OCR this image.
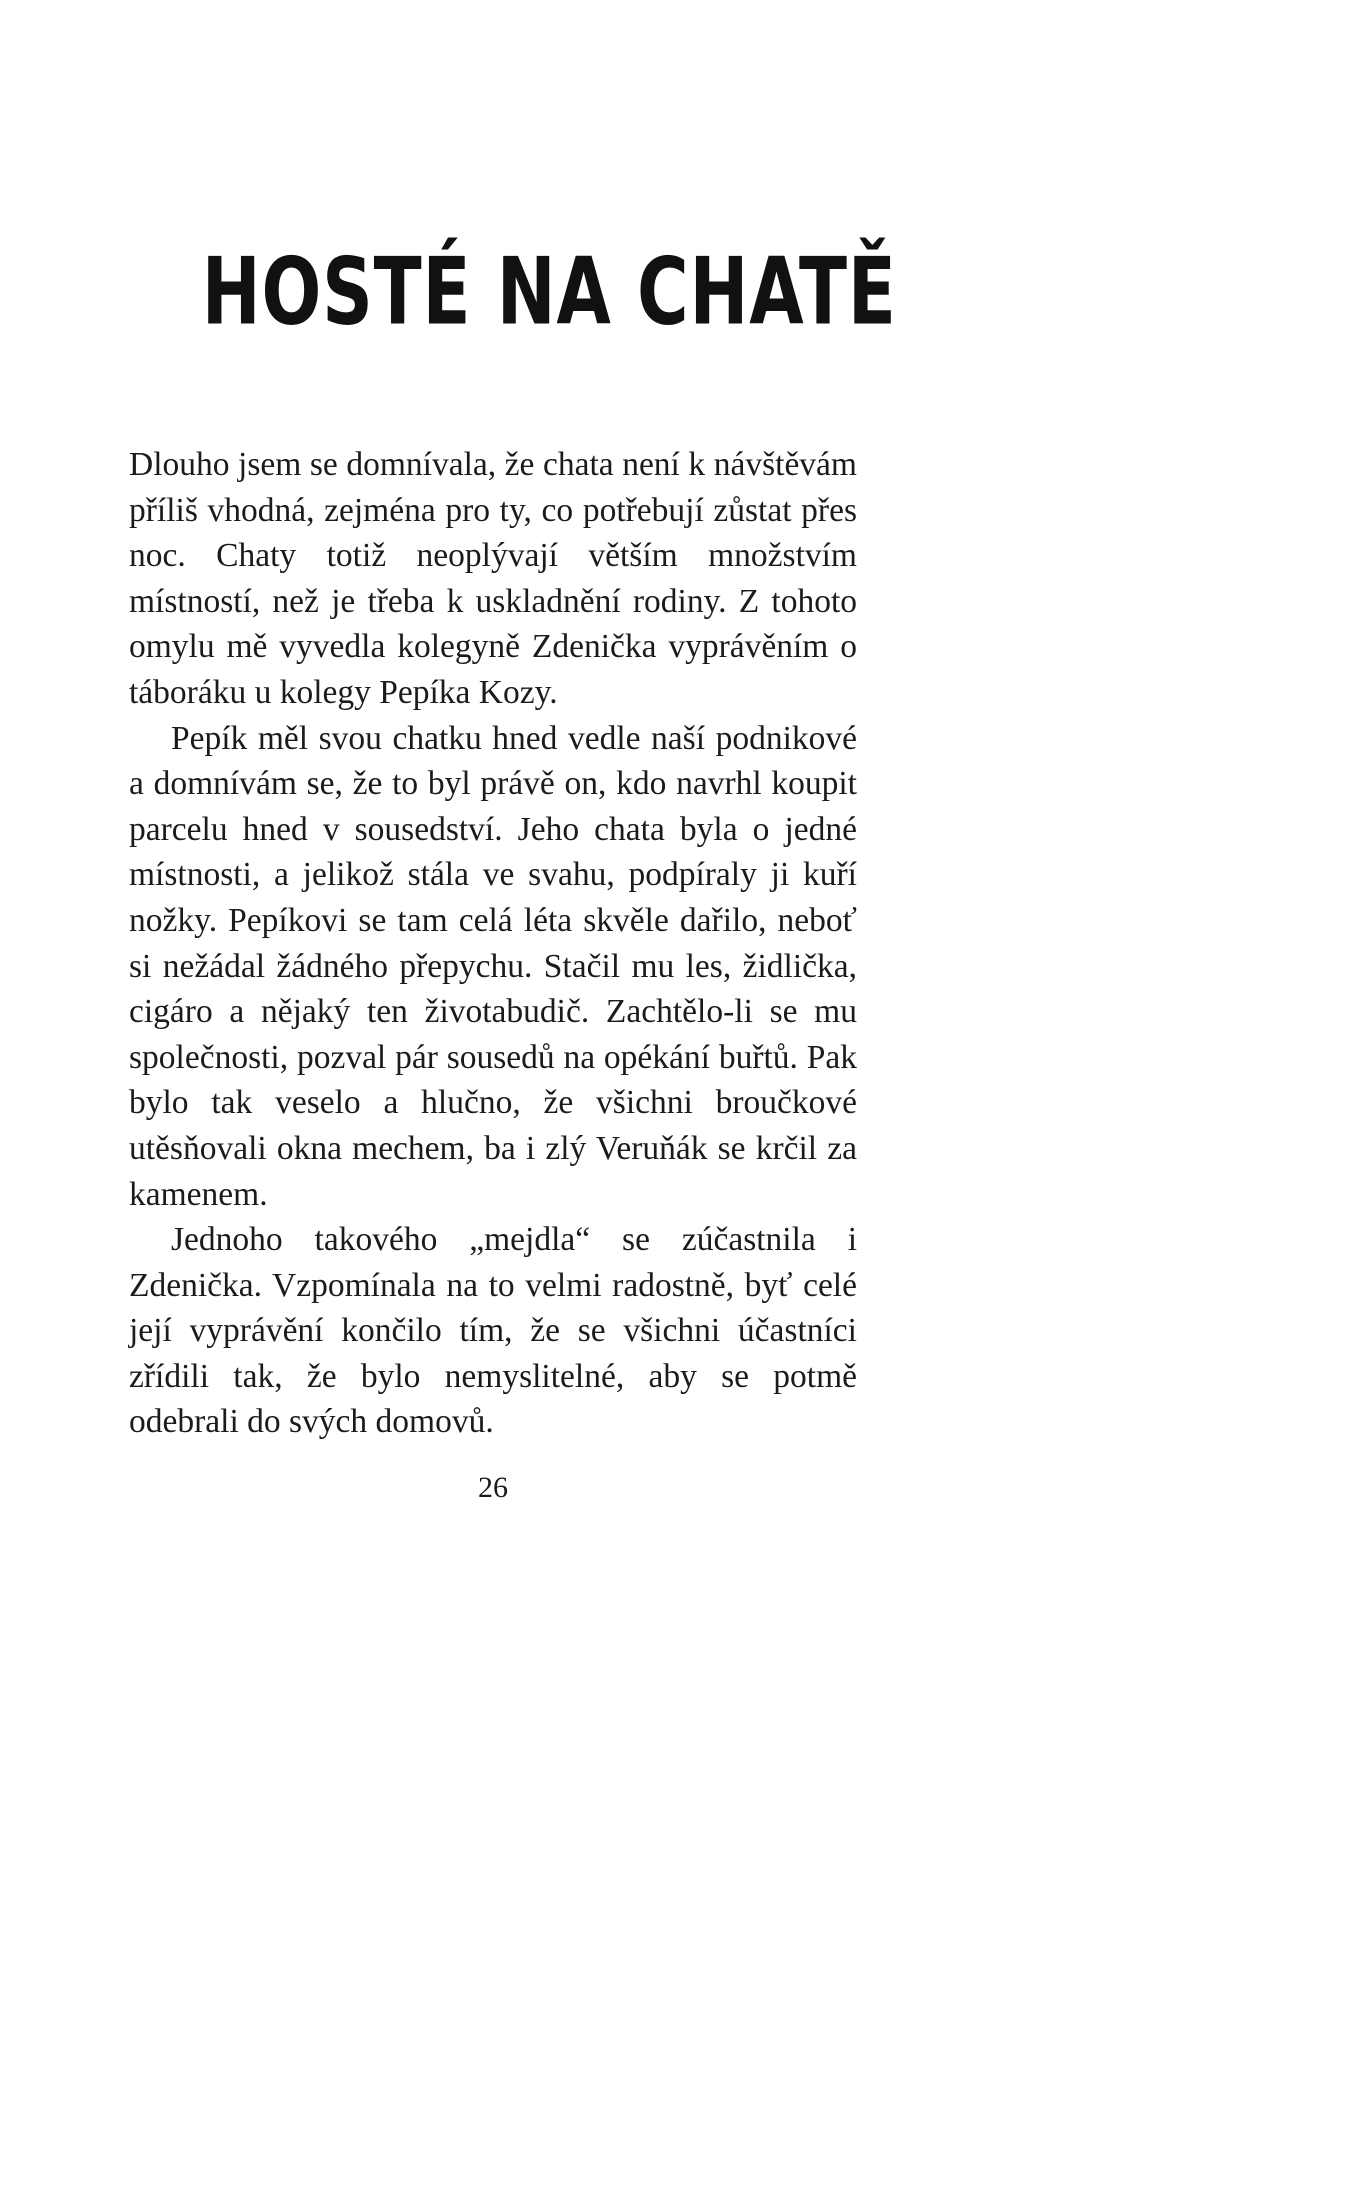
HOSTÉ NA CHATĚ

Dlouho jsem se domnívala, že chata není k návštěvám příliš vhodná, zejména pro ty, co potřebují zůstat přes noc. Chaty totiž neoplývají větším množstvím místností, než je třeba k uskladnění rodiny. Z tohoto omylu mě vyvedla kolegyně Zdenička vyprávěním o táboráku u kolegy Pepíka Kozy.

Pepík měl svou chatku hned vedle naší podnikové a domnívám se, že to byl právě on, kdo navrhl koupit parcelu hned v sousedství. Jeho chata byla o jedné místnosti, a jelikož stála ve svahu, podpíraly ji kuří nožky. Pepíkovi se tam celá léta skvěle dařilo, neboť si nežádal žádného přepychu. Stačil mu les, židlička, cigáro a nějaký ten životabudič. Zachtělo-li se mu společnosti, pozval pár sousedů na opékání buřtů. Pak bylo tak veselo a hlučno, že všichni broučkové utěsňovali okna mechem, ba i zlý Veruňák se krčil za kamenem.

Jednoho takového „mejdla“ se zúčastnila i Zdenička. Vzpomínala na to velmi radostně, byť celé její vyprávění končilo tím, že se všichni účastníci zřídili tak, že bylo nemyslitelné, aby se potmě odebrali do svých domovů.

26
